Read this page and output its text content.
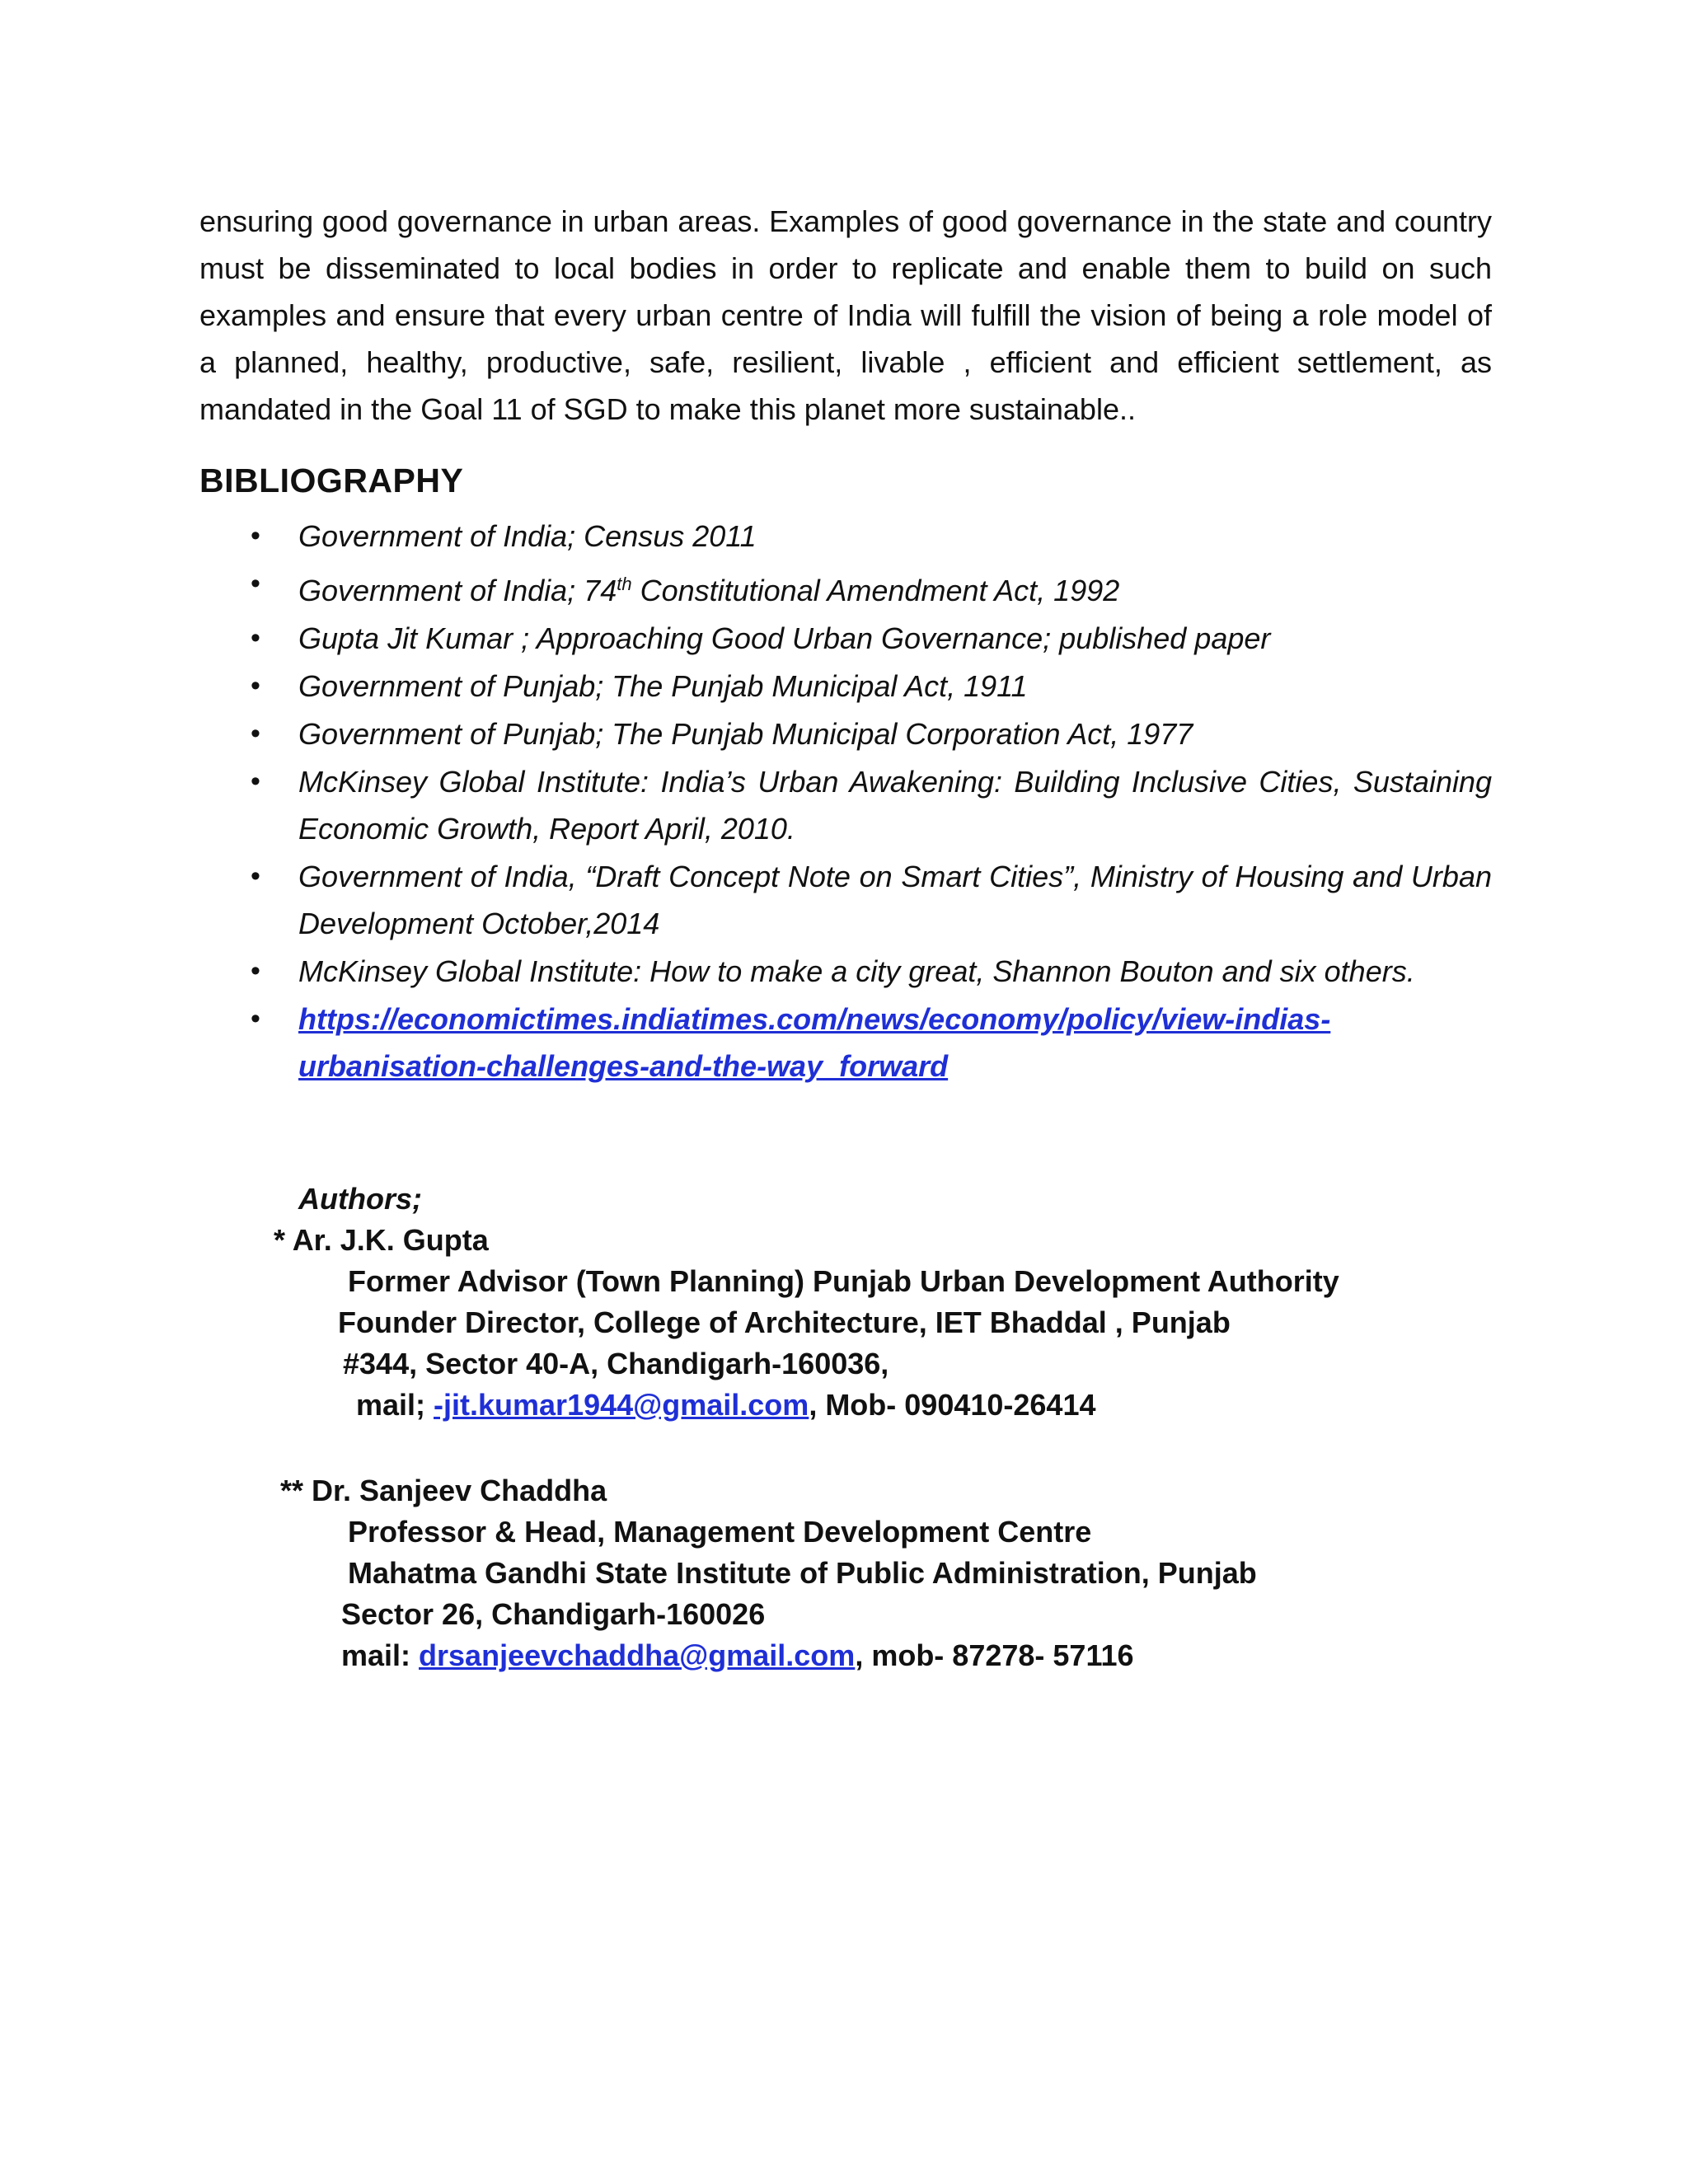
ensuring good governance in urban areas. Examples of good governance in the state and country must be disseminated to local bodies in order to replicate and enable them to build on such examples and ensure that every urban centre of India will fulfill the vision of being a role model of a planned, healthy, productive, safe, resilient, livable , efficient and efficient settlement, as mandated in the Goal 11 of SGD to make this planet more sustainable..

BIBLIOGRAPHY
• Government of India; Census 2011
• Government of India; 74th Constitutional Amendment Act, 1992
• Gupta Jit Kumar ; Approaching Good Urban Governance; published paper
• Government of Punjab; The Punjab Municipal Act, 1911
• Government of Punjab; The Punjab Municipal Corporation Act, 1977
• McKinsey Global Institute: India’s Urban Awakening: Building Inclusive Cities, Sustaining Economic Growth, Report April, 2010.
• Government of India, “Draft Concept Note on Smart Cities”, Ministry of Housing and Urban Development October,2014
• McKinsey Global Institute: How to make a city great, Shannon Bouton and six others.
• https://economictimes.indiatimes.com/news/economy/policy/view-indias-urbanisation-challenges-and-the-way_forward
Authors;
* Ar. J.K. Gupta
Former Advisor (Town Planning) Punjab Urban Development Authority
Founder Director, College of Architecture, IET Bhaddal , Punjab
#344, Sector 40-A, Chandigarh-160036,
mail; -jit.kumar1944@gmail.com, Mob- 090410-26414
** Dr. Sanjeev Chaddha
Professor & Head, Management Development Centre
Mahatma Gandhi State Institute of Public Administration, Punjab
Sector 26, Chandigarh-160026
mail: drsanjeevchaddha@gmail.com, mob- 87278- 57116
